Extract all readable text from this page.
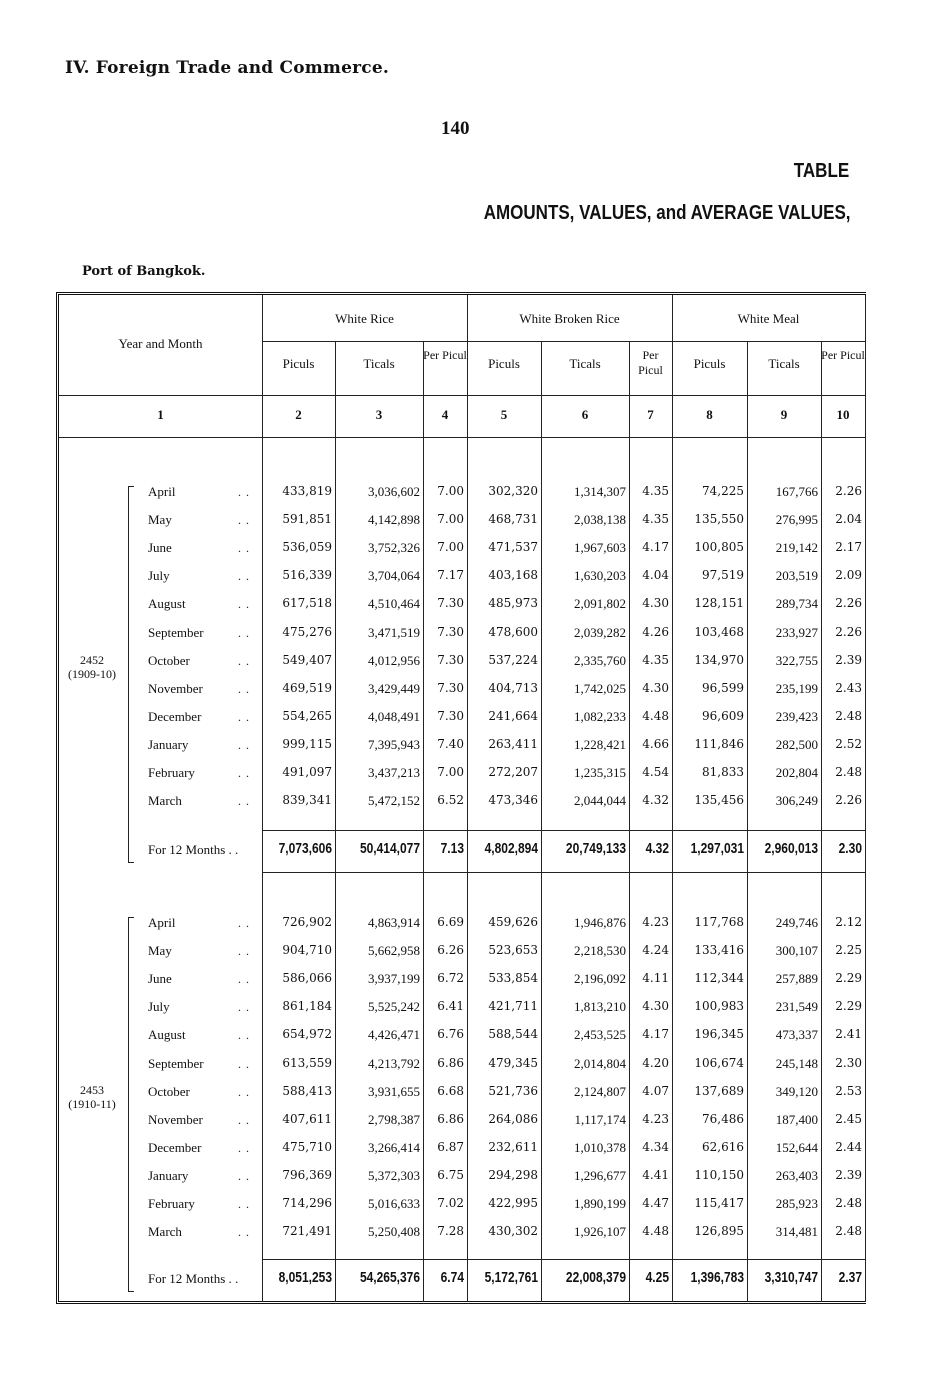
IV. Foreign Trade and Commerce.
140
TABLE
AMOUNTS, VALUES, and AVERAGE VALUES,
Port of Bangkok.
Year and Month
White Rice	White Broken Rice	White Meal
Piculs	Ticals
Per Picul
Piculs	Ticals
Per Picul	Piculs	Ticals
Per Picul
1	2	3	4	5	6	7	8	9	10
2452
(1909-10)
April	. .	433,819	3,036,602	7.00	302,320	1,314,307	4.35	74,225	167,766	2.26
May	. .	591,851	4,142,898	7.00	468,731	2,038,138	4.35	135,550	276,995	2.04
June	. .	536,059	3,752,326	7.00	471,537	1,967,603	4.17	100,805	219,142	2.17
July	. .	516,339	3,704,064	7.17	403,168	1,630,203	4.04	97,519	203,519	2.09
August	. .	617,518	4,510,464	7.30	485,973	2,091,802	4.30	128,151	289,734	2.26
September	. .	475,276	3,471,519	7.30	478,600	2,039,282	4.26	103,468	233,927	2.26
October	. .	549,407	4,012,956	7.30	537,224	2,335,760	4.35	134,970	322,755	2.39
November	. .	469,519	3,429,449	7.30	404,713	1,742,025	4.30	96,599	235,199	2.43
December	. .	554,265	4,048,491	7.30	241,664	1,082,233	4.48	96,609	239,423	2.48
January	. .	999,115	7,395,943	7.40	263,411	1,228,421	4.66	111,846	282,500	2.52
February	. .	491,097	3,437,213	7.00	272,207	1,235,315	4.54	81,833	202,804	2.48
March	. .	839,341	5,472,152	6.52	473,346	2,044,044	4.32	135,456	306,249	2.26
For 12 Months . .	7,073,606	50,414,077	7.13 4,802,894	20,749,133	4.32 1,297,031 2,960,013	2.30
2453
(1910-11)
April	. .	726,902	4,863,914	6.69	459,626	1,946,876	4.23	117,768	249,746	2.12
May	. .	904,710	5,662,958	6.26	523,653	2,218,530	4.24	133,416	300,107	2.25
June	. .	586,066	3,937,199	6.72	533,854	2,196,092	4.11	112,344	257,889	2.29
July	. .	861,184	5,525,242	6.41	421,711	1,813,210	4.30	100,983	231,549	2.29
August	. .	654,972	4,426,471	6.76	588,544	2,453,525	4.17	196,345	473,337	2.41
September	. .	613,559	4,213,792	6.86	479,345	2,014,804	4.20	106,674	245,148	2.30
October	. .	588,413	3,931,655	6.68	521,736	2,124,807	4.07	137,689	349,120	2.53
November	. .	407,611	2,798,387	6.86	264,086	1,117,174	4.23	76,486	187,400	2.45
December	. .	475,710	3,266,414	6.87	232,611	1,010,378	4.34	62,616	152,644	2.44
January	. .	796,369	5,372,303	6.75	294,298	1,296,677	4.41	110,150	263,403	2.39
February	. .	714,296	5,016,633	7.02	422,995	1,890,199	4.47	115,417	285,923	2.48
March	. .	721,491	5,250,408	7.28	430,302	1,926,107	4.48	126,895	314,481	2.48
For 12 Months . .	8,051,253	54,265,376	6.74 5,172,761	22,008,379	4.25 1,396,783 3,310,747	2.37
